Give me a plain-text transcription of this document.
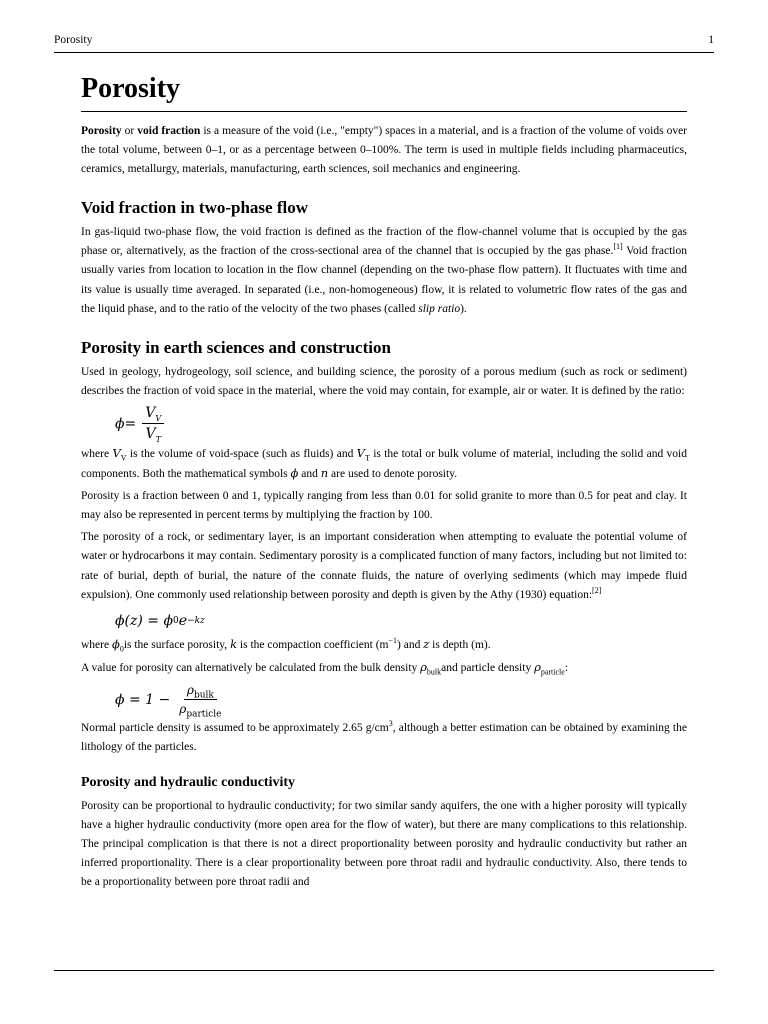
Porosity	1
Porosity

Porosity or void fraction is a measure of the void (i.e., "empty") spaces in a material, and is a fraction of the volume of voids over the total volume, between 0–1, or as a percentage between 0–100%. The term is used in multiple fields including pharmaceutics, ceramics, metallurgy, materials, manufacturing, earth sciences, soil mechanics and engineering.

Void fraction in two-phase flow

In gas-liquid two-phase flow, the void fraction is defined as the fraction of the flow-channel volume that is occupied by the gas phase or, alternatively, as the fraction of the cross-sectional area of the channel that is occupied by the gas phase.[1] Void fraction usually varies from location to location in the flow channel (depending on the two-phase flow pattern). It fluctuates with time and its value is usually time averaged. In separated (i.e., non-homogeneous) flow, it is related to volumetric flow rates of the gas and the liquid phase, and to the ratio of the velocity of the two phases (called slip ratio).

Porosity in earth sciences and construction

Used in geology, hydrogeology, soil science, and building science, the porosity of a porous medium (such as rock or sediment) describes the fraction of void space in the material, where the void may contain, for example, air or water. It is defined by the ratio:

$\phi = \frac{V_V}{V_T}$

where $V_V$ is the volume of void-space (such as fluids) and $V_T$ is the total or bulk volume of material, including the solid and void components. Both the mathematical symbols ϕ and n are used to denote porosity.

Porosity is a fraction between 0 and 1, typically ranging from less than 0.01 for solid granite to more than 0.5 for peat and clay. It may also be represented in percent terms by multiplying the fraction by 100.

The porosity of a rock, or sedimentary layer, is an important consideration when attempting to evaluate the potential volume of water or hydrocarbons it may contain. Sedimentary porosity is a complicated function of many factors, including but not limited to: rate of burial, depth of burial, the nature of the connate fluids, the nature of overlying sediments (which may impede fluid expulsion). One commonly used relationship between porosity and depth is given by the Athy (1930) equation:[2]

ϕ(z) = ϕ 0 e −kz

where $\phi_0is$ the surface porosity, k is the compaction coefficient $(m^{-1})$ and z is depth (m).

A value for porosity can alternatively be calculated from the bulk density $\rho_{bulk}and$ particle density $\rho_{particle}$:

$\phi = 1 - \frac{\rho_{bulk}}{\rho_{particle}}$

Normal particle density is assumed to be approximately 2.65 $g/cm^3$, although a better estimation can be obtained by examining the lithology of the particles.

Porosity and hydraulic conductivity

Porosity can be proportional to hydraulic conductivity; for two similar sandy aquifers, the one with a higher porosity will typically have a higher hydraulic conductivity (more open area for the flow of water), but there are many complications to this relationship. The principal complication is that there is not a direct proportionality between porosity and hydraulic conductivity but rather an inferred proportionality. There is a clear proportionality between pore throat radii and hydraulic conductivity. Also, there tends to be a proportionality between pore throat radii and
